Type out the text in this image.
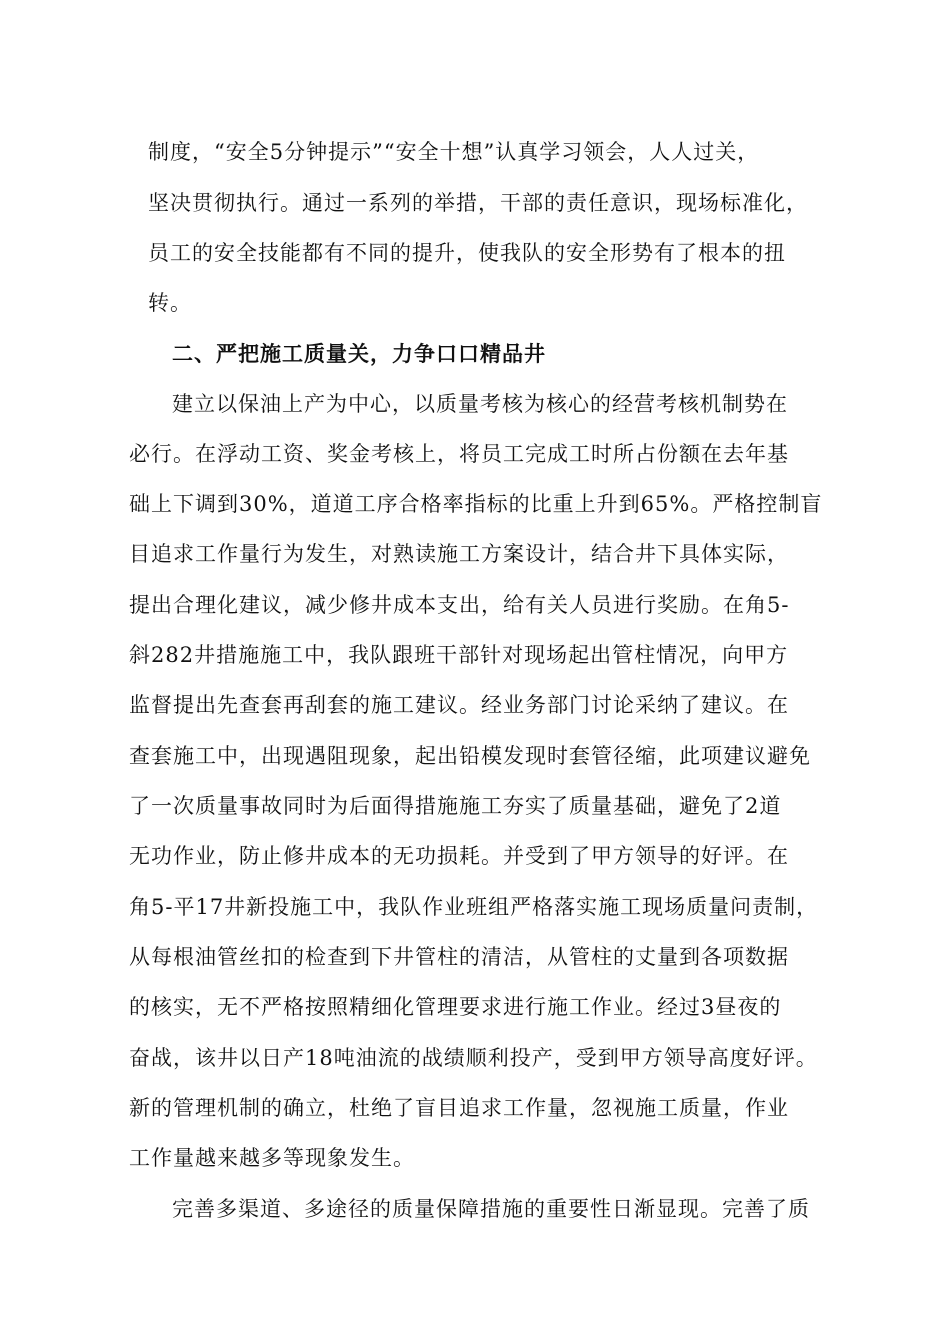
制度，“安全5分钟提示”“安全十想”认真学习领会，人人过关，

坚决贯彻执行。通过一系列的举措，干部的责任意识，现场标准化，

员工的安全技能都有不同的提升，使我队的安全形势有了根本的扭

转。

二、严把施工质量关，力争口口精品井

建立以保油上产为中心，以质量考核为核心的经营考核机制势在

必行。在浮动工资、奖金考核上，将员工完成工时所占份额在去年基

础上下调到30%，道道工序合格率指标的比重上升到65%。严格控制盲

目追求工作量行为发生，对熟读施工方案设计，结合井下具体实际，

提出合理化建议，减少修井成本支出，给有关人员进行奖励。在角5-

斜282井措施施工中，我队跟班干部针对现场起出管柱情况，向甲方

监督提出先查套再刮套的施工建议。经业务部门讨论采纳了建议。在

查套施工中，出现遇阻现象，起出铅模发现时套管径缩，此项建议避免

了一次质量事故同时为后面得措施施工夯实了质量基础，避免了2道

无功作业，防止修井成本的无功损耗。并受到了甲方领导的好评。在

角5-平17井新投施工中，我队作业班组严格落实施工现场质量问责制，

从每根油管丝扣的检查到下井管柱的清洁，从管柱的丈量到各项数据

的核实，无不严格按照精细化管理要求进行施工作业。经过3昼夜的

奋战，该井以日产18吨油流的战绩顺利投产，受到甲方领导高度好评。

新的管理机制的确立，杜绝了盲目追求工作量，忽视施工质量，作业

工作量越来越多等现象发生。

完善多渠道、多途径的质量保障措施的重要性日渐显现。完善了质
